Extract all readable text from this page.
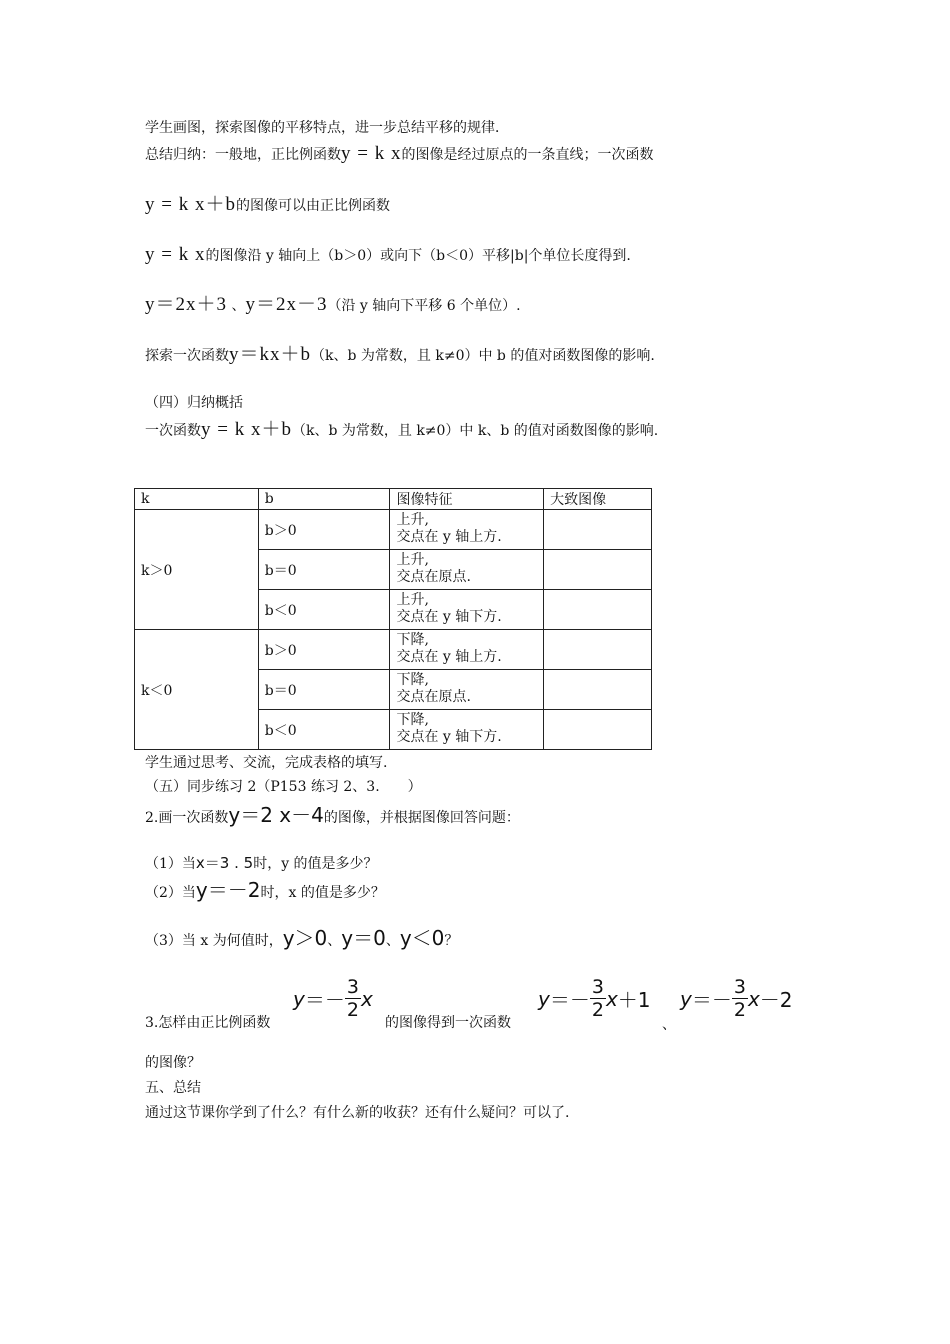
学生画图，探索图像的平移特点，进一步总结平移的规律．
总结归纳：一般地，正比例函数y = k x的图像是经过原点的一条直线；一次函数
y = k x＋b的图像可以由正比例函数
y = k x的图像沿 y 轴向上（b＞0）或向下（b＜0）平移|b|个单位长度得到.
y＝2x＋3 、y＝2x－3（沿 y 轴向下平移 6 个单位）.
探索一次函数y＝kx＋b（k、b 为常数，且 k≠0）中 b 的值对函数图像的影响.
（四）归纳概括
一次函数y = k x＋b（k、b 为常数，且 k≠0）中 k、b 的值对函数图像的影响.
k	b	图像特征	大致图像
k＞0	b＞0	上升,
交点在 y 轴上方.	
	b＝0	上升,
交点在原点.	
	b＜0	上升,
交点在 y 轴下方.	
k＜0	b＞0	下降,
交点在 y 轴上方.	
	b＝0	下降,
交点在原点.	
	b＜0	下降,
交点在 y 轴下方.	
学生通过思考、交流，完成表格的填写.
（五）同步练习 2（P153 练习 2、3.　　）
2.画一次函数y＝2 x－4的图像，并根据图像回答问题：
（1）当x＝3 . 5时，y 的值是多少？
（2）当y＝－2时，x 的值是多少？
（3）当 x 为何值时，y＞0、y＝0、y＜0？
3.怎样由正比例函数
$y =- \frac{3}{2}$ x
的图像得到一次函数
$y =- \frac{3}{2}$ x ＋1
、
$y =- \frac{3}{2}$ x －2
的图像？
五、总结
通过这节课你学到了什么？有什么新的收获？还有什么疑问？可以了.
